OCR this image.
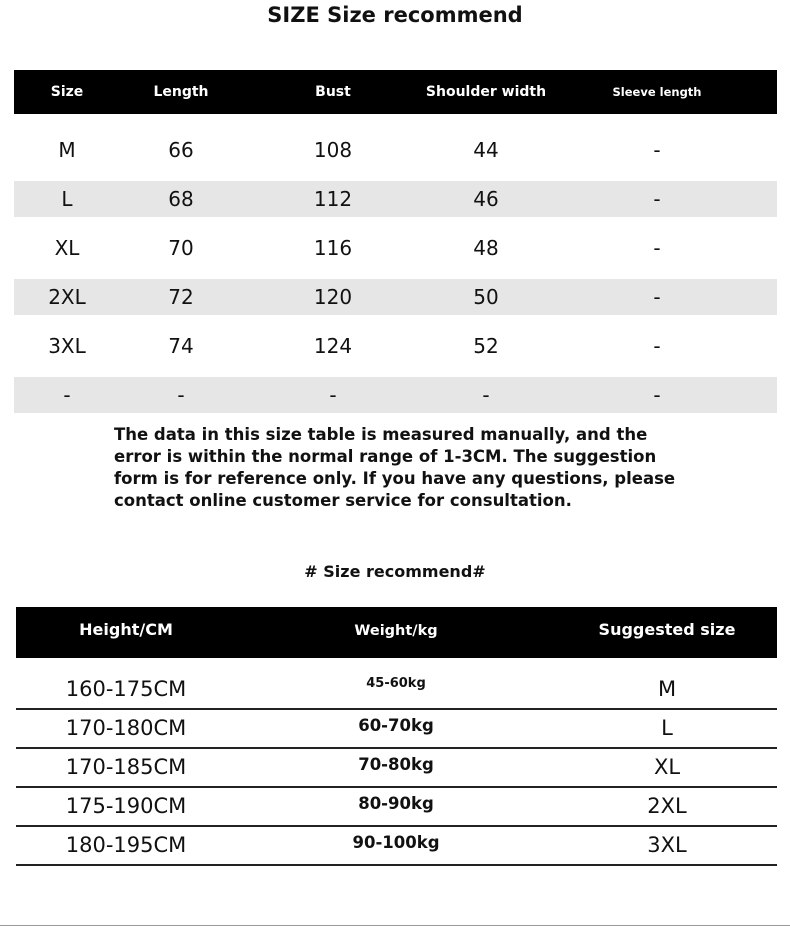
SIZE Size recommend
Size	Length	Bust	Shoulder width	Sleeve length
M	66	108	44	-
L	68	112	46	-
XL	70	116	48	-
2XL	72	120	50	-
3XL	74	124	52	-
-	-	-	-	-
The data in this size table is measured manually, and the error is within the normal range of 1-3CM. The suggestion form is for reference only. If you have any questions, please contact online customer service for consultation.
# Size recommend#
Height/CM	Weight/kg	Suggested size
160-175CM	45-60kg	M
170-180CM	60-70kg	L
170-185CM	70-80kg	XL
175-190CM	80-90kg	2XL
180-195CM	90-100kg	3XL
